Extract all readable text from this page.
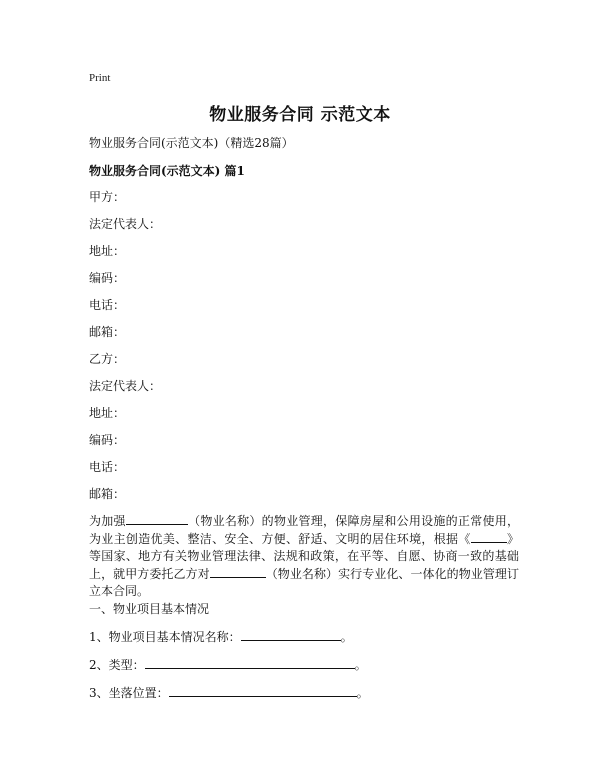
Print
物业服务合同 示范文本
物业服务合同(示范文本)（精选28篇）
物业服务合同(示范文本) 篇1
甲方：
法定代表人：
地址：
编码：
电话：
邮箱：
乙方：
法定代表人：
地址：
编码：
电话：
邮箱：
为加强	（物业名称）的物业管理，保障房屋和公用设施的正常使用，为业主创造优美、整洁、安全、方便、舒适、文明的居住环境，根据《	》等国家、地方有关物业管理法律、法规和政策，在平等、自愿、协商一致的基础上，就甲方委托乙方对	（物业名称）实行专业化、一体化的物业管理订立本合同。
一、物业项目基本情况
1、物业项目基本情况名称：	。
2、类型：	。
3、坐落位置：	。
